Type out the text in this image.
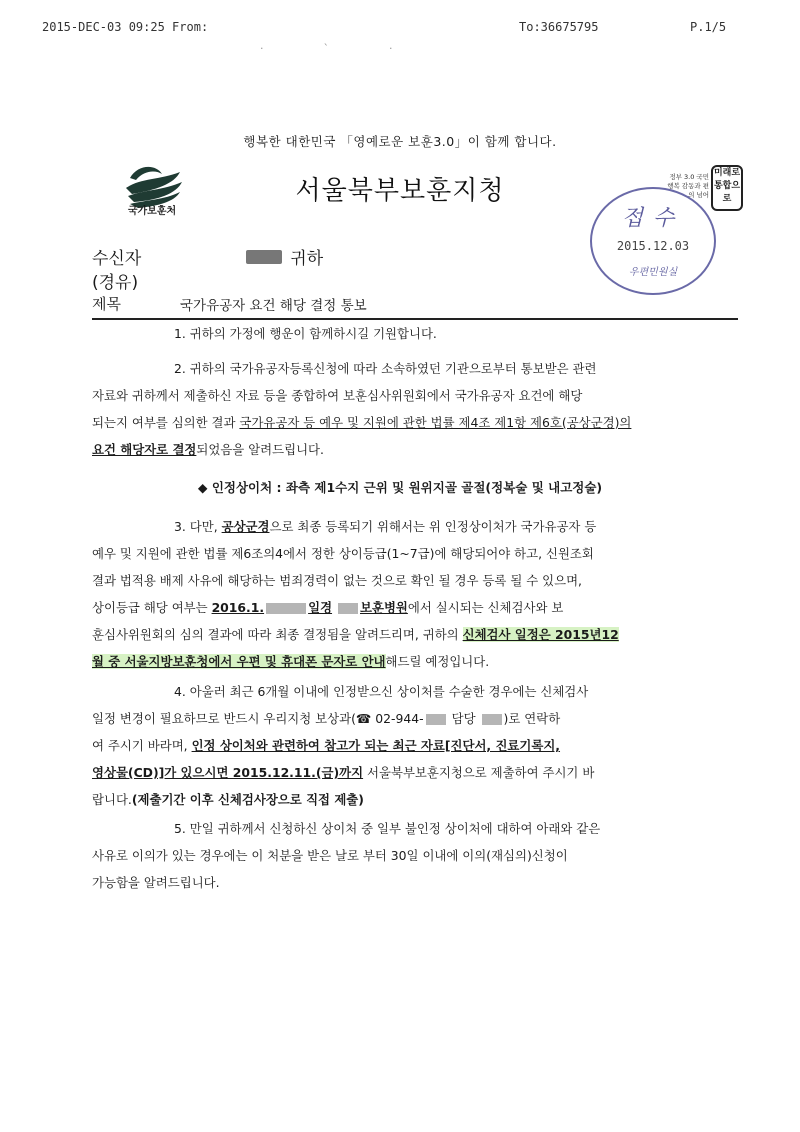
2015-DEC-03 09:25 From:	To:36675795	P.1/5
·ˋ·
행복한 대한민국 「영예로운 보훈3.0」이 함께 합니다.
국가보훈처
서울북부보훈지청	정부 3.0 국민행복 감동과 편의 넘어
미래로 통합으로
접수
2015.12.03
우편민원실
수신자	귀하
(경유)
제목	국가유공자 요건 해당 결정 통보
1. 귀하의 가정에 행운이 함께하시길 기원합니다.
2. 귀하의 국가유공자등록신청에 따라 소속하였던 기관으로부터 통보받은 관련
자료와 귀하께서 제출하신 자료 등을 종합하여 보훈심사위원회에서 국가유공자 요건에 해당
되는지 여부를 심의한 결과 국가유공자 등 예우 및 지원에 관한 법률 제4조 제1항 제6호(공상군경)의
요건 해당자로 결정되었음을 알려드립니다.
◆ 인정상이처 : 좌측 제1수지 근위 및 원위지골 골절(정복술 및 내고정술)
3. 다만, 공상군경으로 최종 등록되기 위해서는 위 인정상이처가 국가유공자 등
예우 및 지원에 관한 법률 제6조의4에서 정한 상이등급(1~7급)에 해당되어야 하고, 신원조회
결과 법적용 배제 사유에 해당하는 범죄경력이 없는 것으로 확인 될 경우 등록 될 수 있으며,
상이등급 해당 여부는 2016.1.	일경 보훈병원에서 실시되는 신체검사와 보
훈심사위원회의 심의 결과에 따라 최종 결정됨을 알려드리며, 귀하의 신체검사 일정은 2015년12
월 중 서울지방보훈청에서 우편 및 휴대폰 문자로 안내해드릴 예정입니다.
4. 아울러 최근 6개월 이내에 인정받으신 상이처를 수술한 경우에는 신체검사
일정 변경이 필요하므로 반드시 우리지청 보상과(☎ 02-944- 담당 )로 연락하
여 주시기 바라며, 인정 상이처와 관련하여 참고가 되는 최근 자료[진단서, 진료기록지,
영상물(CD)]가 있으시면 2015.12.11.(금)까지 서울북부보훈지청으로 제출하여 주시기 바
랍니다.(제출기간 이후 신체검사장으로 직접 제출)
5. 만일 귀하께서 신청하신 상이처 중 일부 불인정 상이처에 대하여 아래와 같은
사유로 이의가 있는 경우에는 이 처분을 받은 날로 부터 30일 이내에 이의(재심의)신청이
가능함을 알려드립니다.
